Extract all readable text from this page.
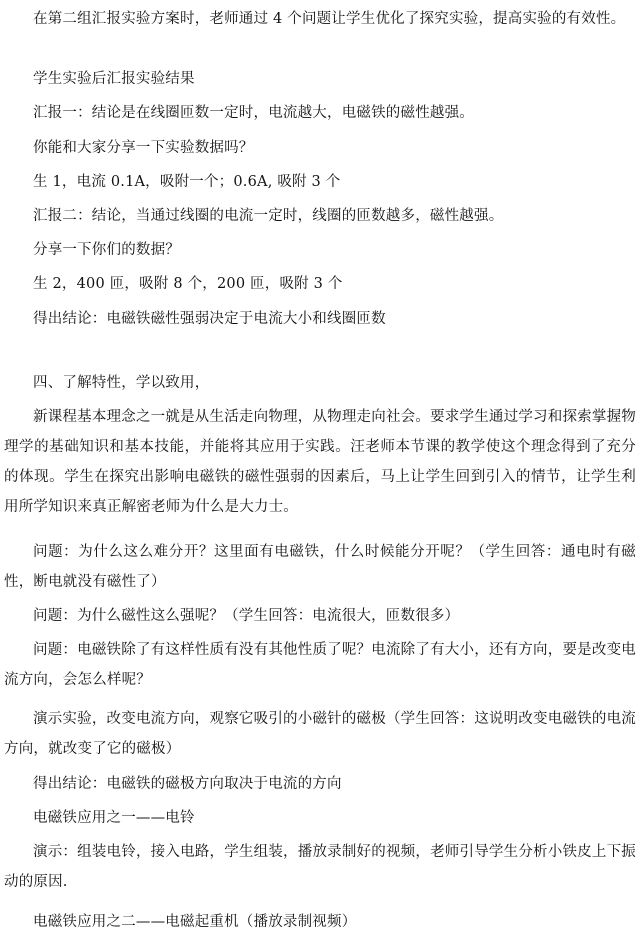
在第二组汇报实验方案时，老师通过 4 个问题让学生优化了探究实验，提高实验的有效性。

学生实验后汇报实验结果

汇报一：结论是在线圈匝数一定时，电流越大，电磁铁的磁性越强。

你能和大家分享一下实验数据吗？

生 1，电流 0.1A，吸附一个；0.6A, 吸附 3 个

汇报二：结论，当通过线圈的电流一定时，线圈的匝数越多，磁性越强。

分享一下你们的数据？

生 2，400 匝，吸附 8 个，200 匝，吸附 3 个

得出结论：电磁铁磁性强弱决定于电流大小和线圈匝数

四、了解特性，学以致用，

新课程基本理念之一就是从生活走向物理，从物理走向社会。要求学生通过学习和探索掌握物理学的基础知识和基本技能，并能将其应用于实践。汪老师本节课的教学使这个理念得到了充分的体现。学生在探究出影响电磁铁的磁性强弱的因素后，马上让学生回到引入的情节，让学生利用所学知识来真正解密老师为什么是大力士。

问题：为什么这么难分开？这里面有电磁铁，什么时候能分开呢？（学生回答：通电时有磁性，断电就没有磁性了）

问题：为什么磁性这么强呢？（学生回答：电流很大，匝数很多）

问题：电磁铁除了有这样性质有没有其他性质了呢？电流除了有大小，还有方向，要是改变电流方向，会怎么样呢？

演示实验，改变电流方向，观察它吸引的小磁针的磁极（学生回答：这说明改变电磁铁的电流方向，就改变了它的磁极）

得出结论：电磁铁的磁极方向取决于电流的方向

电磁铁应用之一——电铃

演示：组装电铃，接入电路，学生组装，播放录制好的视频，老师引导学生分析小铁皮上下振动的原因.

电磁铁应用之二——电磁起重机（播放录制视频）
